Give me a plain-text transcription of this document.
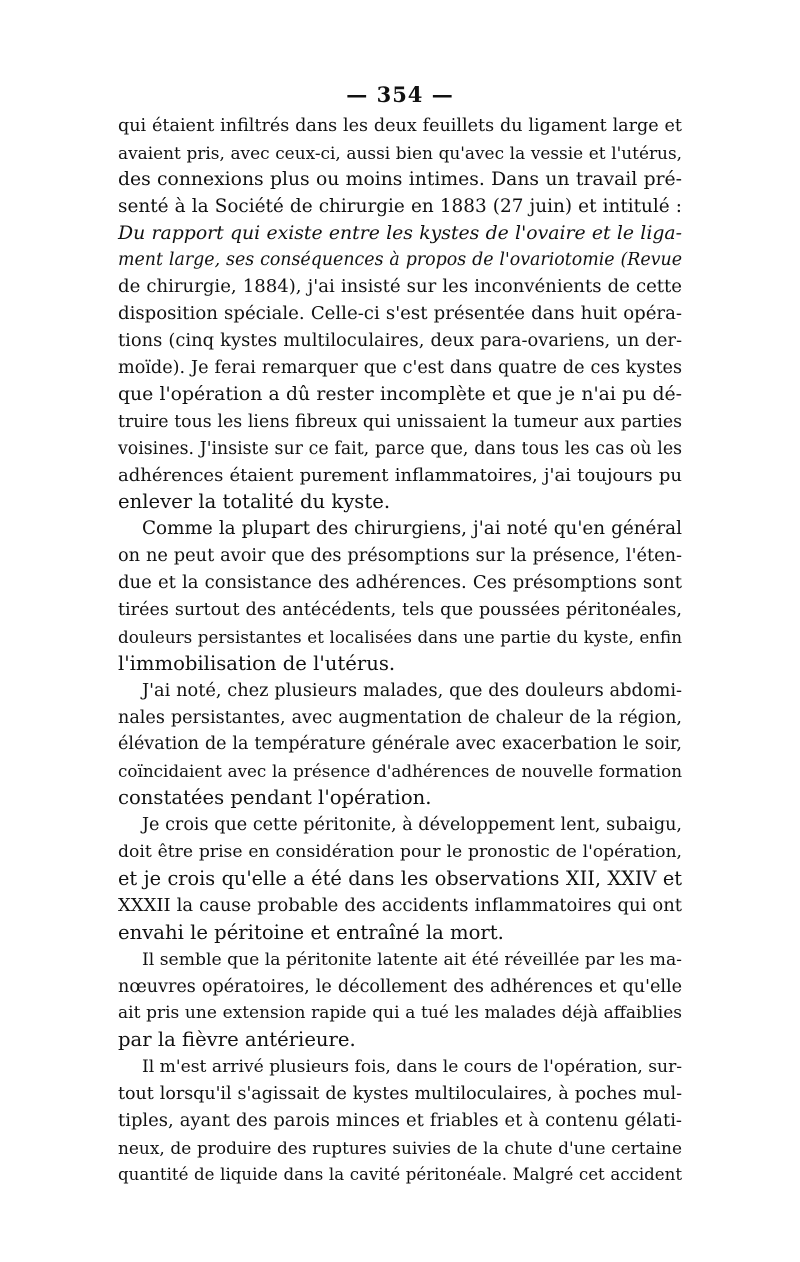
— 354 —
qui étaient infiltrés dans les deux feuillets du ligament large et
avaient pris, avec ceux-ci, aussi bien qu'avec la vessie et l'utérus,
des connexions plus ou moins intimes. Dans un travail pré-
senté à la Société de chirurgie en 1883 (27 juin) et intitulé :
Du rapport qui existe entre les kystes de l'ovaire et le liga-
ment large, ses conséquences à propos de l'ovariotomie (Revue
de chirurgie, 1884), j'ai insisté sur les inconvénients de cette
disposition spéciale. Celle-ci s'est présentée dans huit opéra-
tions (cinq kystes multiloculaires, deux para-ovariens, un der-
moïde). Je ferai remarquer que c'est dans quatre de ces kystes
que l'opération a dû rester incomplète et que je n'ai pu dé-
truire tous les liens fibreux qui unissaient la tumeur aux parties
voisines. J'insiste sur ce fait, parce que, dans tous les cas où les
adhérences étaient purement inflammatoires, j'ai toujours pu
enlever la totalité du kyste.
Comme la plupart des chirurgiens, j'ai noté qu'en général
on ne peut avoir que des présomptions sur la présence, l'éten-
due et la consistance des adhérences. Ces présomptions sont
tirées surtout des antécédents, tels que poussées péritonéales,
douleurs persistantes et localisées dans une partie du kyste, enfin
l'immobilisation de l'utérus.
J'ai noté, chez plusieurs malades, que des douleurs abdomi-
nales persistantes, avec augmentation de chaleur de la région,
élévation de la température générale avec exacerbation le soir,
coïncidaient avec la présence d'adhérences de nouvelle formation
constatées pendant l'opération.
Je crois que cette péritonite, à développement lent, subaigu,
doit être prise en considération pour le pronostic de l'opération,
et je crois qu'elle a été dans les observations XII, XXIV et
XXXII la cause probable des accidents inflammatoires qui ont
envahi le péritoine et entraîné la mort.
Il semble que la péritonite latente ait été réveillée par les ma-
nœuvres opératoires, le décollement des adhérences et qu'elle
ait pris une extension rapide qui a tué les malades déjà affaiblies
par la fièvre antérieure.
Il m'est arrivé plusieurs fois, dans le cours de l'opération, sur-
tout lorsqu'il s'agissait de kystes multiloculaires, à poches mul-
tiples, ayant des parois minces et friables et à contenu gélati-
neux, de produire des ruptures suivies de la chute d'une certaine
quantité de liquide dans la cavité péritonéale. Malgré cet accident
